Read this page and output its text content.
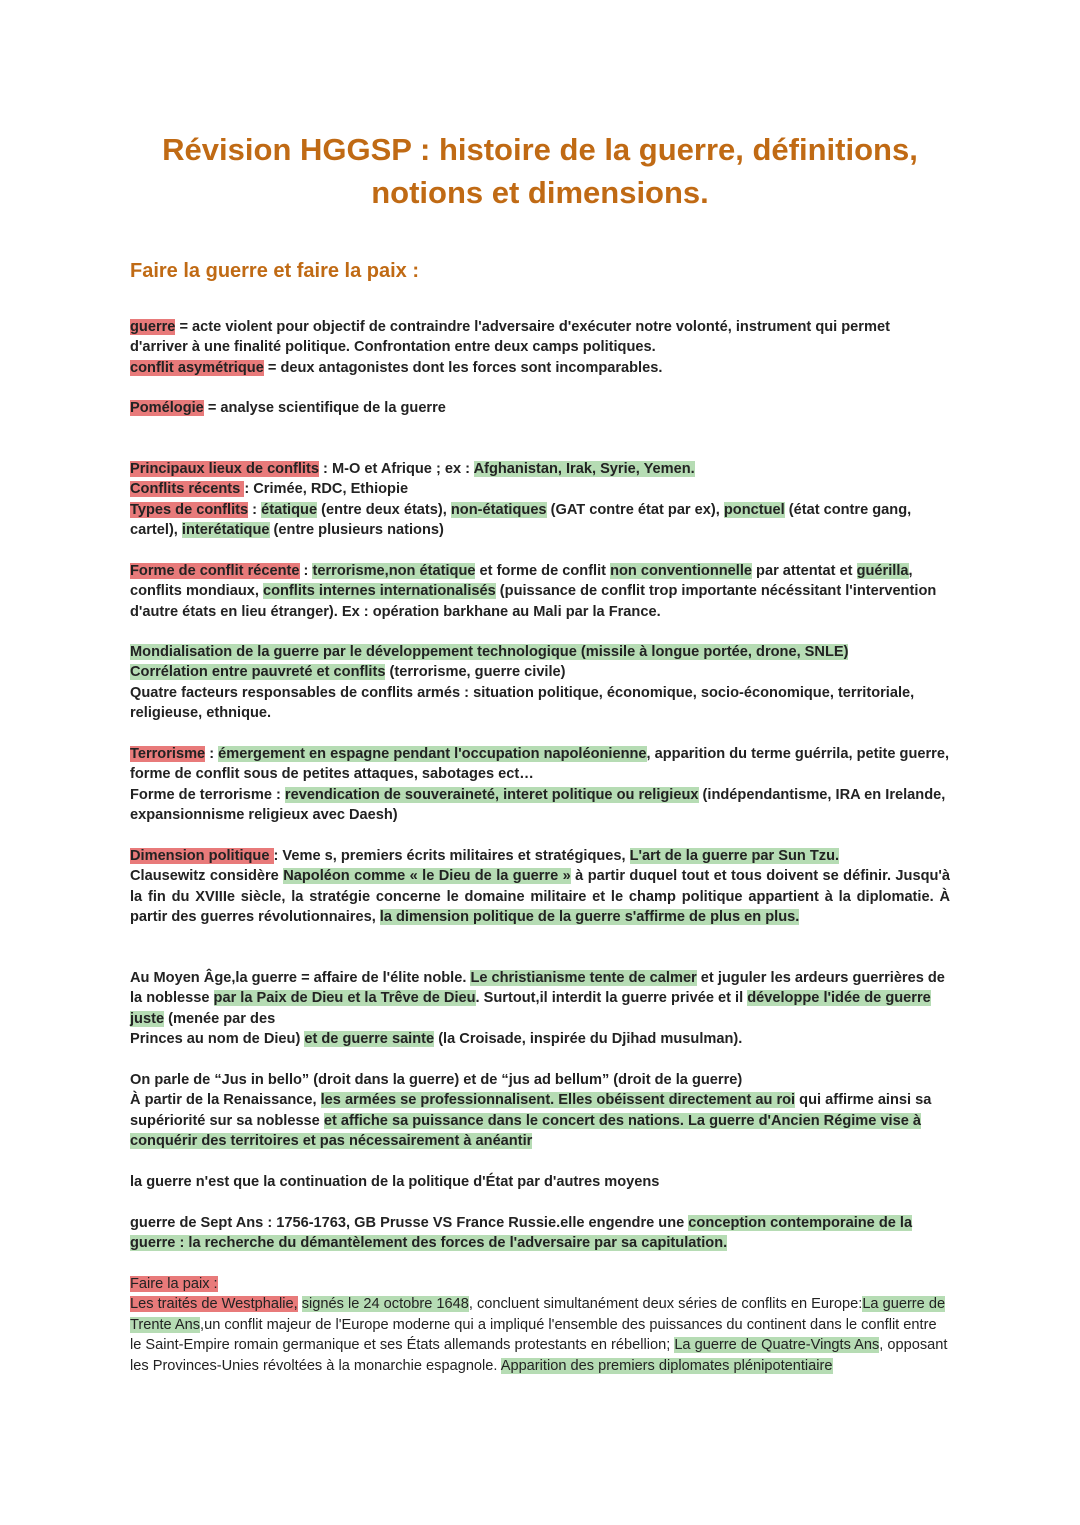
Révision HGGSP : histoire de la guerre, définitions,
notions et dimensions.
Faire la guerre et faire la paix :

guerre = acte violent pour objectif de contraindre l'adversaire d'exécuter notre volonté, instrument qui permet d'arriver à une finalité politique. Confrontation entre deux camps politiques.
conflit asymétrique = deux antagonistes dont les forces sont incomparables.

Pomélogie = analyse scientifique de la guerre

Principaux lieux de conflits : M-O et Afrique ; ex : Afghanistan, Irak, Syrie, Yemen.
Conflits récents : Crimée, RDC, Ethiopie
Types de conflits : étatique (entre deux états), non-étatiques (GAT contre état par ex), ponctuel (état contre gang, cartel), interétatique (entre plusieurs nations)

Forme de conflit récente : terrorisme,non étatique et forme de conflit non conventionnelle par attentat et guérilla, conflits mondiaux, conflits internes internationalisés (puissance de conflit trop importante nécéssitant l'intervention d'autre états en lieu étranger). Ex : opération barkhane au Mali par la France.

Mondialisation de la guerre par le développement technologique (missile à longue portée, drone, SNLE)
Corrélation entre pauvreté et conflits (terrorisme, guerre civile)
Quatre facteurs responsables de conflits armés : situation politique, économique, socio-économique, territoriale, religieuse, ethnique.

Terrorisme : émergement en espagne pendant l'occupation napoléonienne, apparition du terme guérrila, petite guerre, forme de conflit sous de petites attaques, sabotages ect…
Forme de terrorisme : revendication de souveraineté, interet politique ou religieux (indépendantisme, IRA en Irelande, expansionnisme religieux avec Daesh)

Dimension politique : Veme s, premiers écrits militaires et stratégiques, L'art de la guerre par Sun Tzu.
Clausewitz considère Napoléon comme « le Dieu de la guerre » à partir duquel tout et tous doivent se définir. Jusqu'à la fin du XVIIIe siècle, la stratégie concerne le domaine militaire et le champ politique appartient à la diplomatie. À partir des guerres révolutionnaires, la dimension politique de la guerre s'affirme de plus en plus.

Au Moyen Âge,la guerre = affaire de l'élite noble. Le christianisme tente de calmer et juguler les ardeurs guerrières de la noblesse par la Paix de Dieu et la Trêve de Dieu. Surtout,il interdit la guerre privée et il développe l'idée de guerre juste (menée par des
Princes au nom de Dieu) et de guerre sainte (la Croisade, inspirée du Djihad musulman).

On parle de “Jus in bello” (droit dans la guerre) et de “jus ad bellum” (droit de la guerre)
À partir de la Renaissance, les armées se professionnalisent. Elles obéissent directement au roi qui affirme ainsi sa supériorité sur sa noblesse et affiche sa puissance dans le concert des nations. La guerre d'Ancien Régime vise à conquérir des territoires et pas nécessairement à anéantir

la guerre n'est que la continuation de la politique d'État par d'autres moyens

guerre de Sept Ans : 1756-1763, GB Prusse VS France Russie.elle engendre une conception contemporaine de la guerre : la recherche du démantèlement des forces de l'adversaire par sa capitulation.

Faire la paix :
Les traités de Westphalie, signés le 24 octobre 1648, concluent simultanément deux séries de conflits en Europe:La guerre de Trente Ans,un conflit majeur de l'Europe moderne qui a impliqué l'ensemble des puissances du continent dans le conflit entre le Saint-Empire romain germanique et ses États allemands protestants en rébellion; La guerre de Quatre-Vingts Ans, opposant les Provinces-Unies révoltées à la monarchie espagnole. Apparition des premiers diplomates plénipotentiaire
